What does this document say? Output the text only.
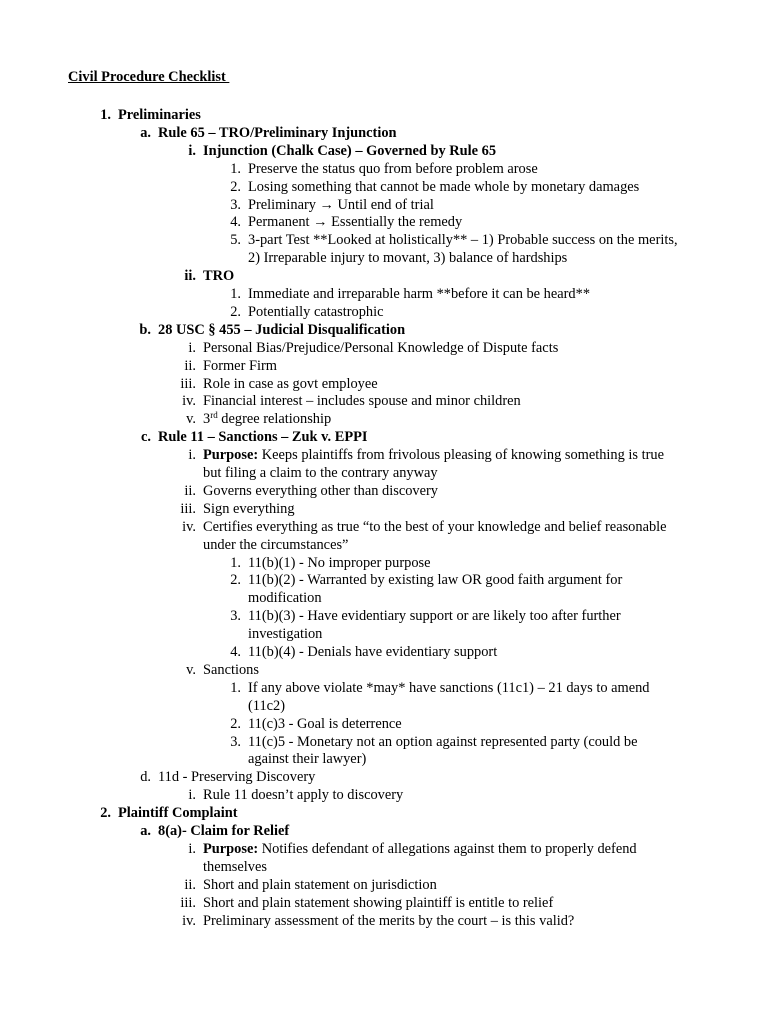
Civil Procedure Checklist
1. Preliminaries
a. Rule 65 – TRO/Preliminary Injunction
i. Injunction (Chalk Case) – Governed by Rule 65
1. Preserve the status quo from before problem arose
2. Losing something that cannot be made whole by monetary damages
3. Preliminary → Until end of trial
4. Permanent → Essentially the remedy
5. 3-part Test **Looked at holistically** – 1) Probable success on the merits,
2) Irreparable injury to movant, 3) balance of hardships
ii. TRO
1. Immediate and irreparable harm **before it can be heard**
2. Potentially catastrophic
b. 28 USC § 455 – Judicial Disqualification
i. Personal Bias/Prejudice/Personal Knowledge of Dispute facts
ii. Former Firm
iii. Role in case as govt employee
iv. Financial interest – includes spouse and minor children
v. 3rd degree relationship
c. Rule 11 – Sanctions – Zuk v. EPPI
i. Purpose: Keeps plaintiffs from frivolous pleasing of knowing something is true
but filing a claim to the contrary anyway
ii. Governs everything other than discovery
iii. Sign everything
iv. Certifies everything as true “to the best of your knowledge and belief reasonable
under the circumstances”
1. 11(b)(1) - No improper purpose
2. 11(b)(2) - Warranted by existing law OR good faith argument for
modification
3. 11(b)(3) - Have evidentiary support or are likely too after further
investigation
4. 11(b)(4) - Denials have evidentiary support
v. Sanctions
1. If any above violate *may* have sanctions (11c1) – 21 days to amend
(11c2)
2. 11(c)3 - Goal is deterrence
3. 11(c)5 - Monetary not an option against represented party (could be
against their lawyer)
d. 11d - Preserving Discovery
i. Rule 11 doesn’t apply to discovery
2. Plaintiff Complaint
a. 8(a)- Claim for Relief
i. Purpose: Notifies defendant of allegations against them to properly defend
themselves
ii. Short and plain statement on jurisdiction
iii. Short and plain statement showing plaintiff is entitle to relief
iv. Preliminary assessment of the merits by the court – is this valid?
